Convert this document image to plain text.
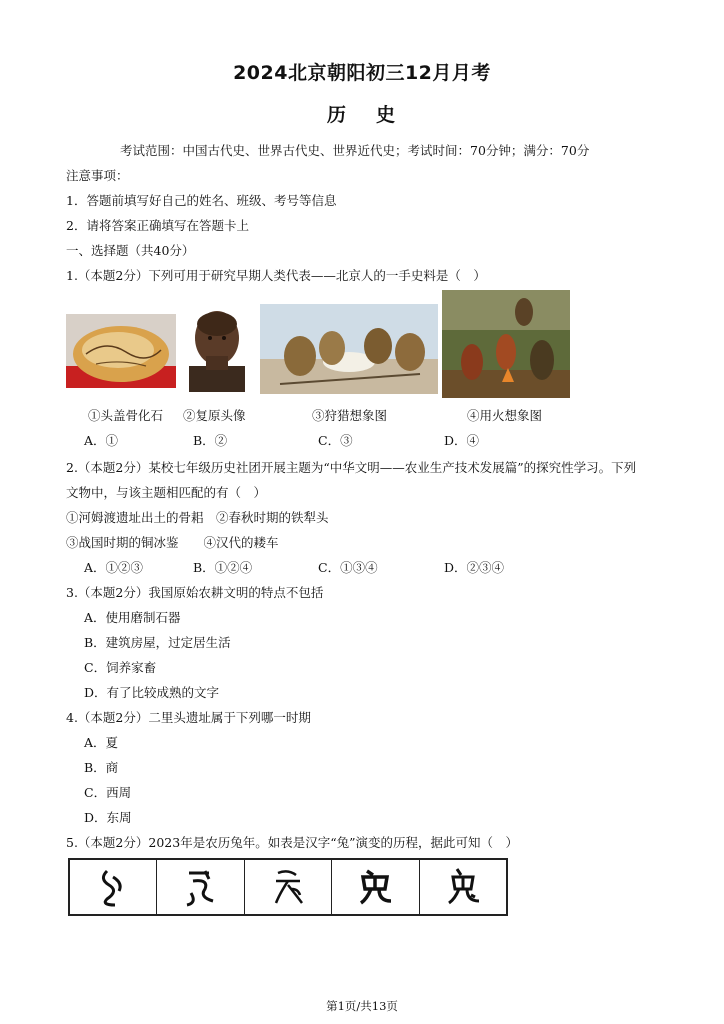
2024北京朝阳初三12月月考
历史
考试范围：中国古代史、世界古代史、世界近代史；考试时间：70分钟；满分：70分
注意事项：
1．答题前填写好自己的姓名、班级、考号等信息
2．请将答案正确填写在答题卡上
一、选择题（共40分）
1.（本题2分）下列可用于研究早期人类代表——北京人的一手史料是（　）
①头盖骨化石 ②复原头像	③狩猎想象图	④用火想象图
A．①	B．②	C．③	D．④
2.（本题2分）某校七年级历史社团开展主题为“中华文明——农业生产技术发展篇”的探究性学习。下列
文物中，与该主题相匹配的有（　）
①河姆渡遗址出土的骨耜　②春秋时期的铁犁头
③战国时期的铜冰鉴　　④汉代的耧车
A．①②③	B．①②④	C．①③④	D．②③④
3.（本题2分）我国原始农耕文明的特点不包括
A．使用磨制石器
B．建筑房屋，过定居生活
C．饲养家畜
D．有了比较成熟的文字
4.（本题2分）二里头遗址属于下列哪一时期
A．夏
B．商
C．西周
D．东周
5.（本题2分）2023年是农历兔年。如表是汉字“兔”演变的历程，据此可知（　）
第1页/共13页
